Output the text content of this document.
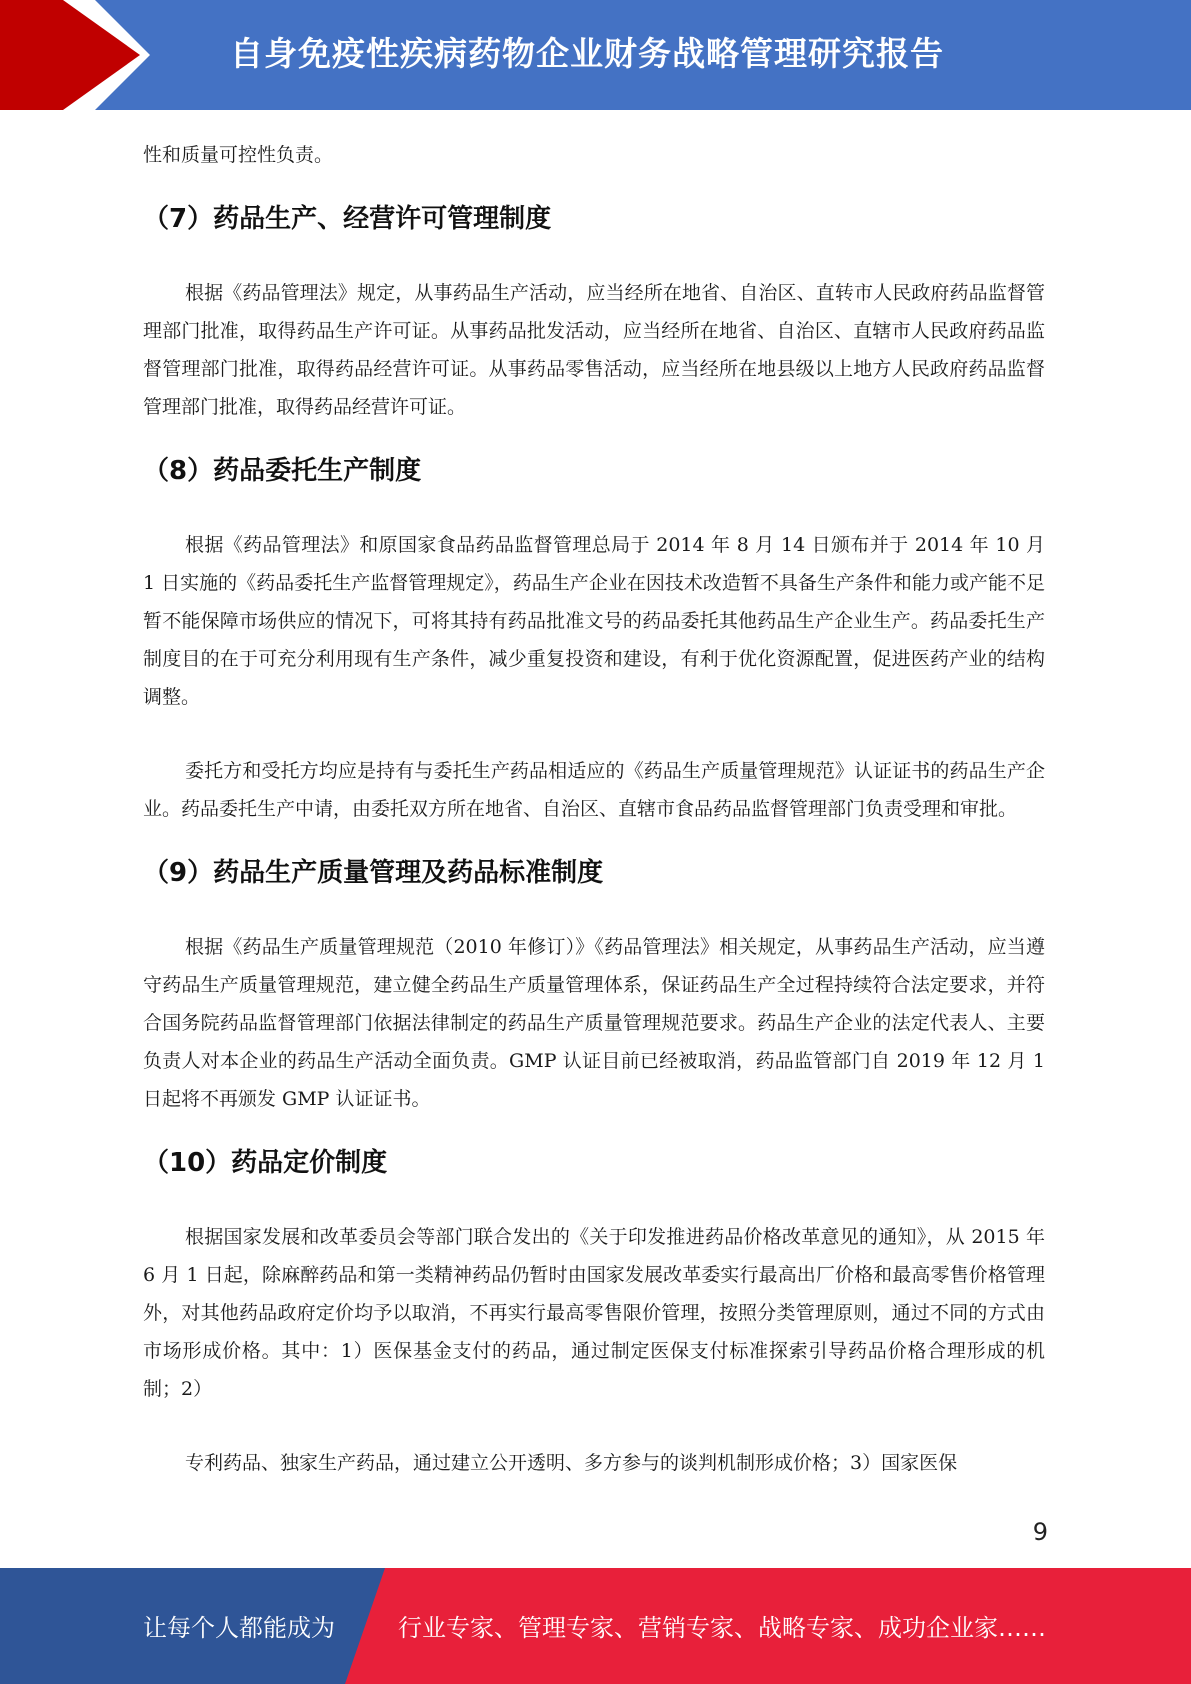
自身免疫性疾病药物企业财务战略管理研究报告

性和质量可控性负责。

（7）药品生产、经营许可管理制度

根据《药品管理法》规定，从事药品生产活动，应当经所在地省、自治区、直转市人民政府药品监督管理部门批准，取得药品生产许可证。从事药品批发活动，应当经所在地省、自治区、直辖市人民政府药品监督管理部门批准，取得药品经营许可证。从事药品零售活动，应当经所在地县级以上地方人民政府药品监督管理部门批准，取得药品经营许可证。

（8）药品委托生产制度

根据《药品管理法》和原国家食品药品监督管理总局于 2014 年 8 月 14 日颁布并于 2014 年 10 月 1 日实施的《药品委托生产监督管理规定》，药品生产企业在因技术改造暂不具备生产条件和能力或产能不足暂不能保障市场供应的情况下，可将其持有药品批准文号的药品委托其他药品生产企业生产。药品委托生产制度目的在于可充分利用现有生产条件，减少重复投资和建设，有利于优化资源配置，促进医药产业的结构调整。

委托方和受托方均应是持有与委托生产药品相适应的《药品生产质量管理规范》认证证书的药品生产企业。药品委托生产中请，由委托双方所在地省、自治区、直辖市食品药品监督管理部门负责受理和审批。

（9）药品生产质量管理及药品标准制度

根据《药品生产质量管理规范（2010 年修订）》《药品管理法》相关规定，从事药品生产活动，应当遵守药品生产质量管理规范，建立健全药品生产质量管理体系，保证药品生产全过程持续符合法定要求，并符合国务院药品监督管理部门依据法律制定的药品生产质量管理规范要求。药品生产企业的法定代表人、主要负责人对本企业的药品生产活动全面负责。GMP 认证目前已经被取消，药品监管部门自 2019 年 12 月 1 日起将不再颁发 GMP 认证证书。

（10）药品定价制度

根据国家发展和改革委员会等部门联合发出的《关于印发推进药品价格改革意见的通知》，从 2015 年 6 月 1 日起，除麻醉药品和第一类精神药品仍暂时由国家发展改革委实行最高出厂价格和最高零售价格管理外，对其他药品政府定价均予以取消，不再实行最高零售限价管理，按照分类管理原则，通过不同的方式由市场形成价格。其中：1）医保基金支付的药品，通过制定医保支付标准探索引导药品价格合理形成的机制；2）

专利药品、独家生产药品，通过建立公开透明、多方参与的谈判机制形成价格；3）国家医保

9
让每个人都能成为	行业专家、管理专家、营销专家、战略专家、成功企业家……
